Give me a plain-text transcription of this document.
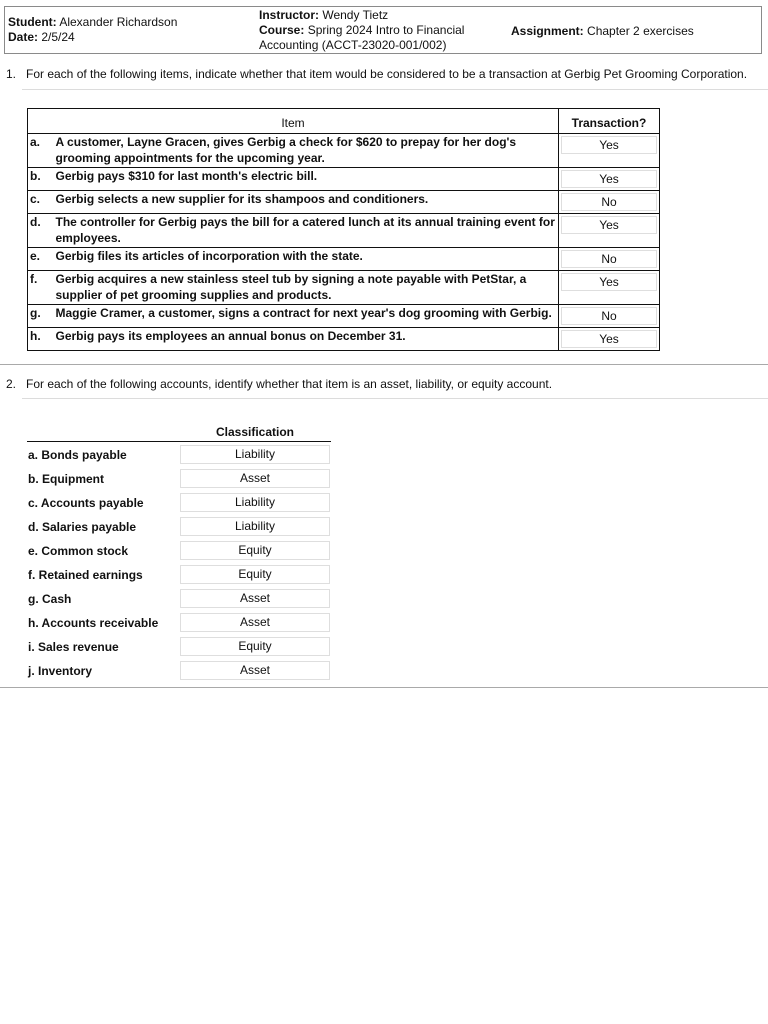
Student: Alexander Richardson
Date: 2/5/24
Instructor: Wendy Tietz
Course: Spring 2024 Intro to Financial Accounting (ACCT-23020-001/002)
Assignment: Chapter 2 exercises
1. For each of the following items, indicate whether that item would be considered to be a transaction at Gerbig Pet Grooming Corporation.
Item		Transaction?
a.	A customer, Layne Gracen, gives Gerbig a check for $620 to prepay for her dog's grooming appointments for the upcoming year.	Yes

b.	Gerbig pays $310 for last month's electric bill.	Yes

c.	Gerbig selects a new supplier for its shampoos and conditioners.	No

d.	The controller for Gerbig pays the bill for a catered lunch at its annual training event for employees.	Yes

e.	Gerbig files its articles of incorporation with the state.	No

f.	Gerbig acquires a new stainless steel tub by signing a note payable with PetStar, a supplier of pet grooming supplies and products.	Yes

g.	Maggie Cramer, a customer, signs a contract for next year's dog grooming with Gerbig.	No

h.	Gerbig pays its employees an annual bonus on December 31.	Yes
2. For each of the following accounts, identify whether that item is an asset, liability, or equity account.
Classification
a. Bonds payable	Liability
b. Equipment	Asset
c. Accounts payable	Liability
d. Salaries payable	Liability
e. Common stock	Equity
f. Retained earnings	Equity
g. Cash	Asset
h. Accounts receivable	Asset
i. Sales revenue	Equity
j. Inventory	Asset
